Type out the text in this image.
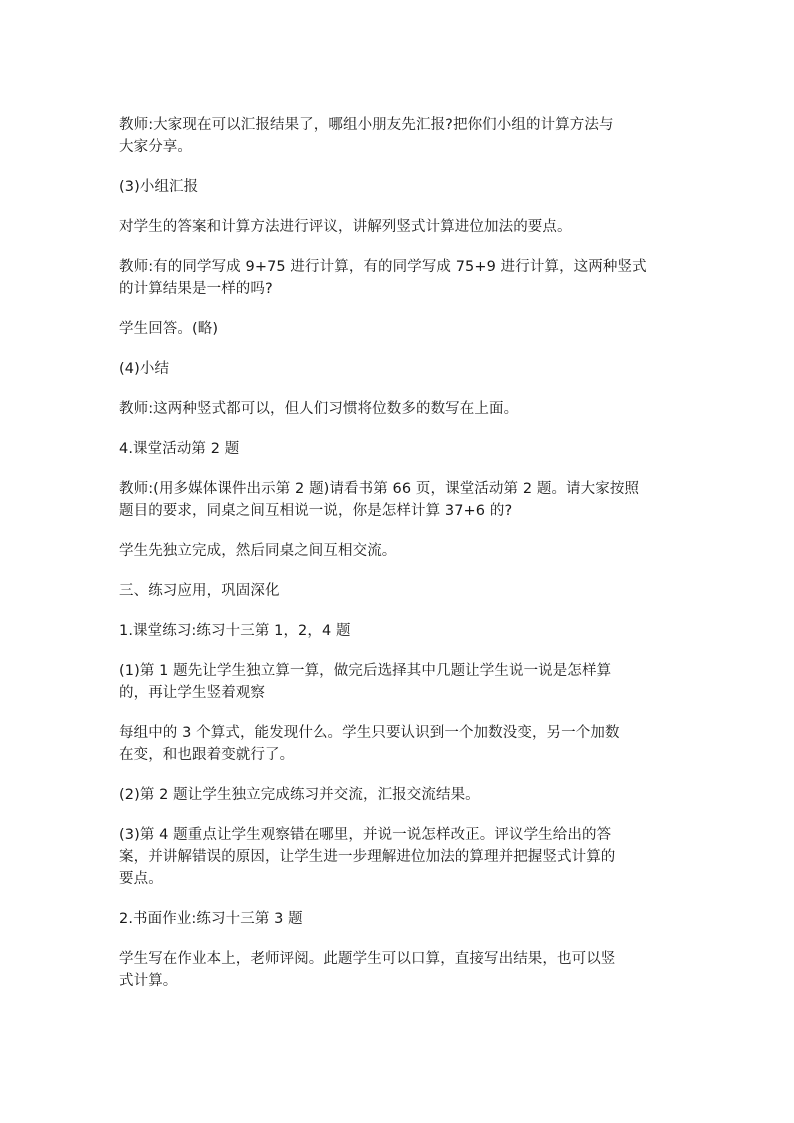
教师:大家现在可以汇报结果了，哪组小朋友先汇报?把你们小组的计算方法与
大家分享。

(3)小组汇报

对学生的答案和计算方法进行评议，讲解列竖式计算进位加法的要点。

教师:有的同学写成 9+75 进行计算，有的同学写成 75+9 进行计算，这两种竖式
的计算结果是一样的吗?

学生回答。(略)

(4)小结

教师:这两种竖式都可以，但人们习惯将位数多的数写在上面。

4.课堂活动第 2 题

教师:(用多媒体课件出示第 2 题)请看书第 66 页，课堂活动第 2 题。请大家按照
题目的要求，同桌之间互相说一说，你是怎样计算 37+6 的?

学生先独立完成，然后同桌之间互相交流。

三、练习应用，巩固深化

1.课堂练习:练习十三第 1，2，4 题

(1)第 1 题先让学生独立算一算，做完后选择其中几题让学生说一说是怎样算
的，再让学生竖着观察

每组中的 3 个算式，能发现什么。学生只要认识到一个加数没变，另一个加数
在变，和也跟着变就行了。

(2)第 2 题让学生独立完成练习并交流，汇报交流结果。

(3)第 4 题重点让学生观察错在哪里，并说一说怎样改正。评议学生给出的答
案，并讲解错误的原因，让学生进一步理解进位加法的算理并把握竖式计算的
要点。

2.书面作业:练习十三第 3 题

学生写在作业本上，老师评阅。此题学生可以口算，直接写出结果，也可以竖
式计算。
